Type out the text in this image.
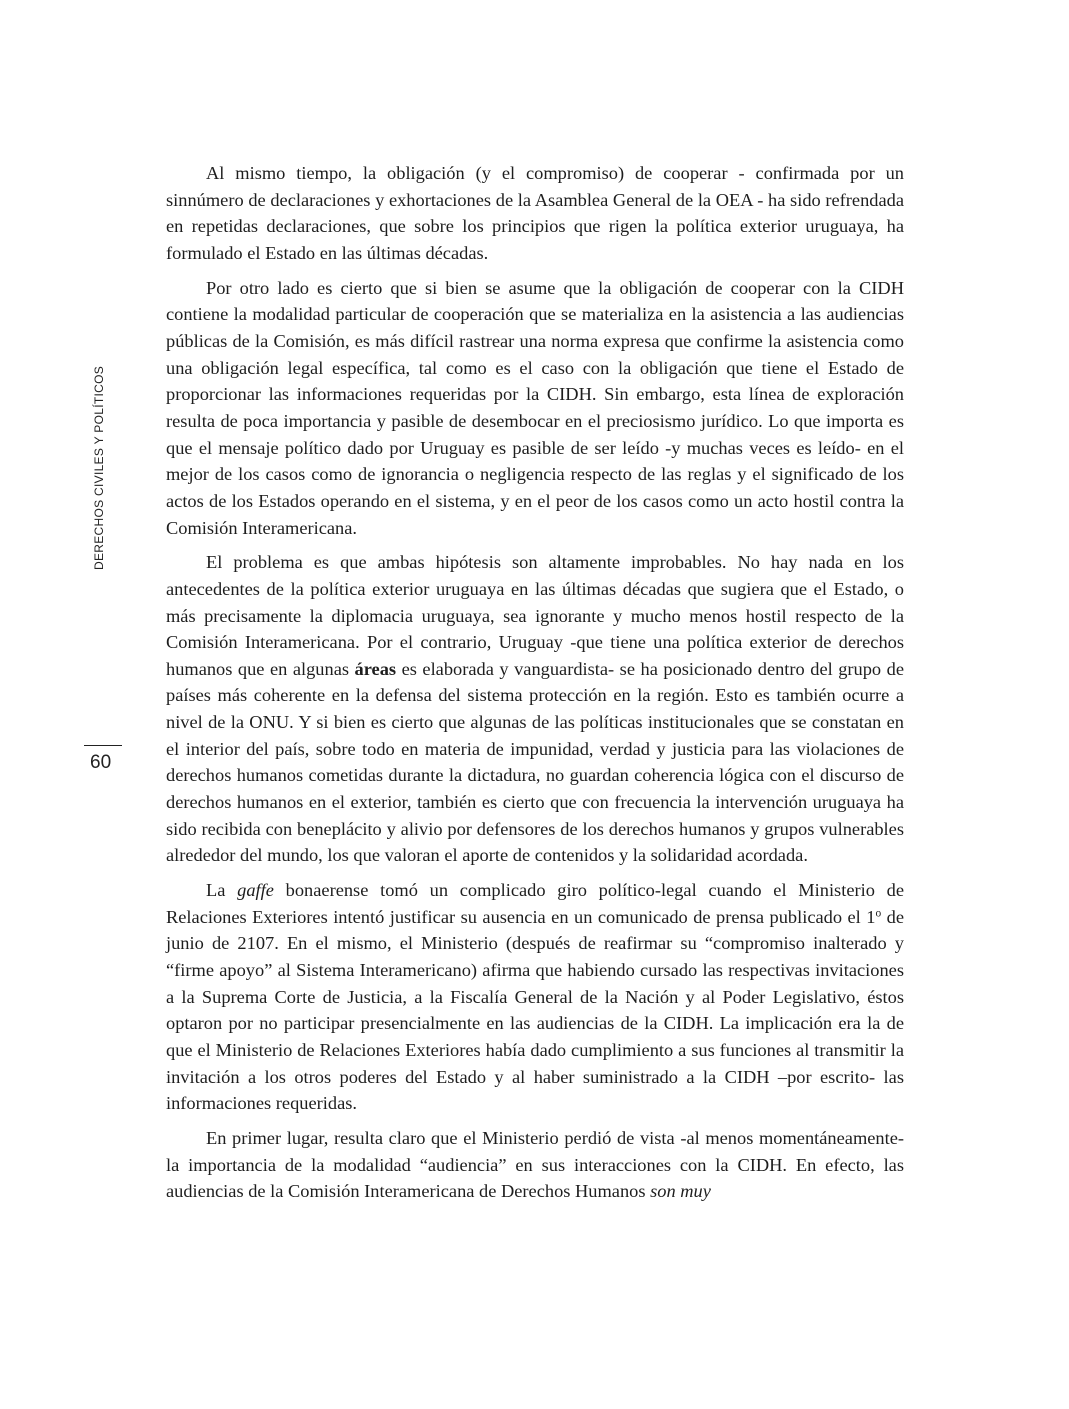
DERECHOS CIVILES Y POLÍTICOS
60

Al mismo tiempo, la obligación (y el compromiso) de cooperar - confirmada por un sinnúmero de declaraciones y exhortaciones de la Asamblea General de la OEA - ha sido refrendada en repetidas declaraciones, que sobre los principios que rigen la política exterior uruguaya, ha formulado el Estado en las últimas décadas.

Por otro lado es cierto que si bien se asume que la obligación de cooperar con la CIDH contiene la modalidad particular de cooperación que se materializa en la asistencia a las audiencias públicas de la Comisión, es más difícil rastrear una norma expresa que confirme la asistencia como una obligación legal específica, tal como es el caso con la obligación que tiene el Estado de proporcionar las informaciones requeridas por la CIDH. Sin embargo, esta línea de exploración resulta de poca importancia y pasible de desembocar en el preciosismo jurídico. Lo que importa es que el mensaje político dado por Uruguay es pasible de ser leído -y muchas veces es leído- en el mejor de los casos como de ignorancia o negligencia respecto de las reglas y el significado de los actos de los Estados operando en el sistema, y en el peor de los casos como un acto hostil contra la Comisión Interamericana.

El problema es que ambas hipótesis son altamente improbables. No hay nada en los antecedentes de la política exterior uruguaya en las últimas décadas que sugiera que el Estado, o más precisamente la diplomacia uruguaya, sea ignorante y mucho menos hostil respecto de la Comisión Interamericana. Por el contrario, Uruguay -que tiene una política exterior de derechos humanos que en algunas áreas es elaborada y vanguardista- se ha posicionado dentro del grupo de países más coherente en la defensa del sistema protección en la región. Esto es también ocurre a nivel de la ONU. Y si bien es cierto que algunas de las políticas institucionales que se constatan en el interior del país, sobre todo en materia de impunidad, verdad y justicia para las violaciones de derechos humanos cometidas durante la dictadura, no guardan coherencia lógica con el discurso de derechos humanos en el exterior, también es cierto que con frecuencia la intervención uruguaya ha sido recibida con beneplácito y alivio por defensores de los derechos humanos y grupos vulnerables alrededor del mundo, los que valoran el aporte de contenidos y la solidaridad acordada.

La gaffe bonaerense tomó un complicado giro político-legal cuando el Ministerio de Relaciones Exteriores intentó justificar su ausencia en un comunicado de prensa publicado el 1$^o$ de junio de 2107. En el mismo, el Ministerio (después de reafirmar su “compromiso inalterado y “firme apoyo” al Sistema Interamericano) afirma que habiendo cursado las respectivas invitaciones a la Suprema Corte de Justicia, a la Fiscalía General de la Nación y al Poder Legislativo, éstos optaron por no participar presencialmente en las audiencias de la CIDH. La implicación era la de que el Ministerio de Relaciones Exteriores había dado cumplimiento a sus funciones al transmitir la invitación a los otros poderes del Estado y al haber suministrado a la CIDH –por escrito- las informaciones requeridas.

En primer lugar, resulta claro que el Ministerio perdió de vista -al menos momentáneamente- la importancia de la modalidad “audiencia” en sus interacciones con la CIDH. En efecto, las audiencias de la Comisión Interamericana de Derechos Humanos son muy
